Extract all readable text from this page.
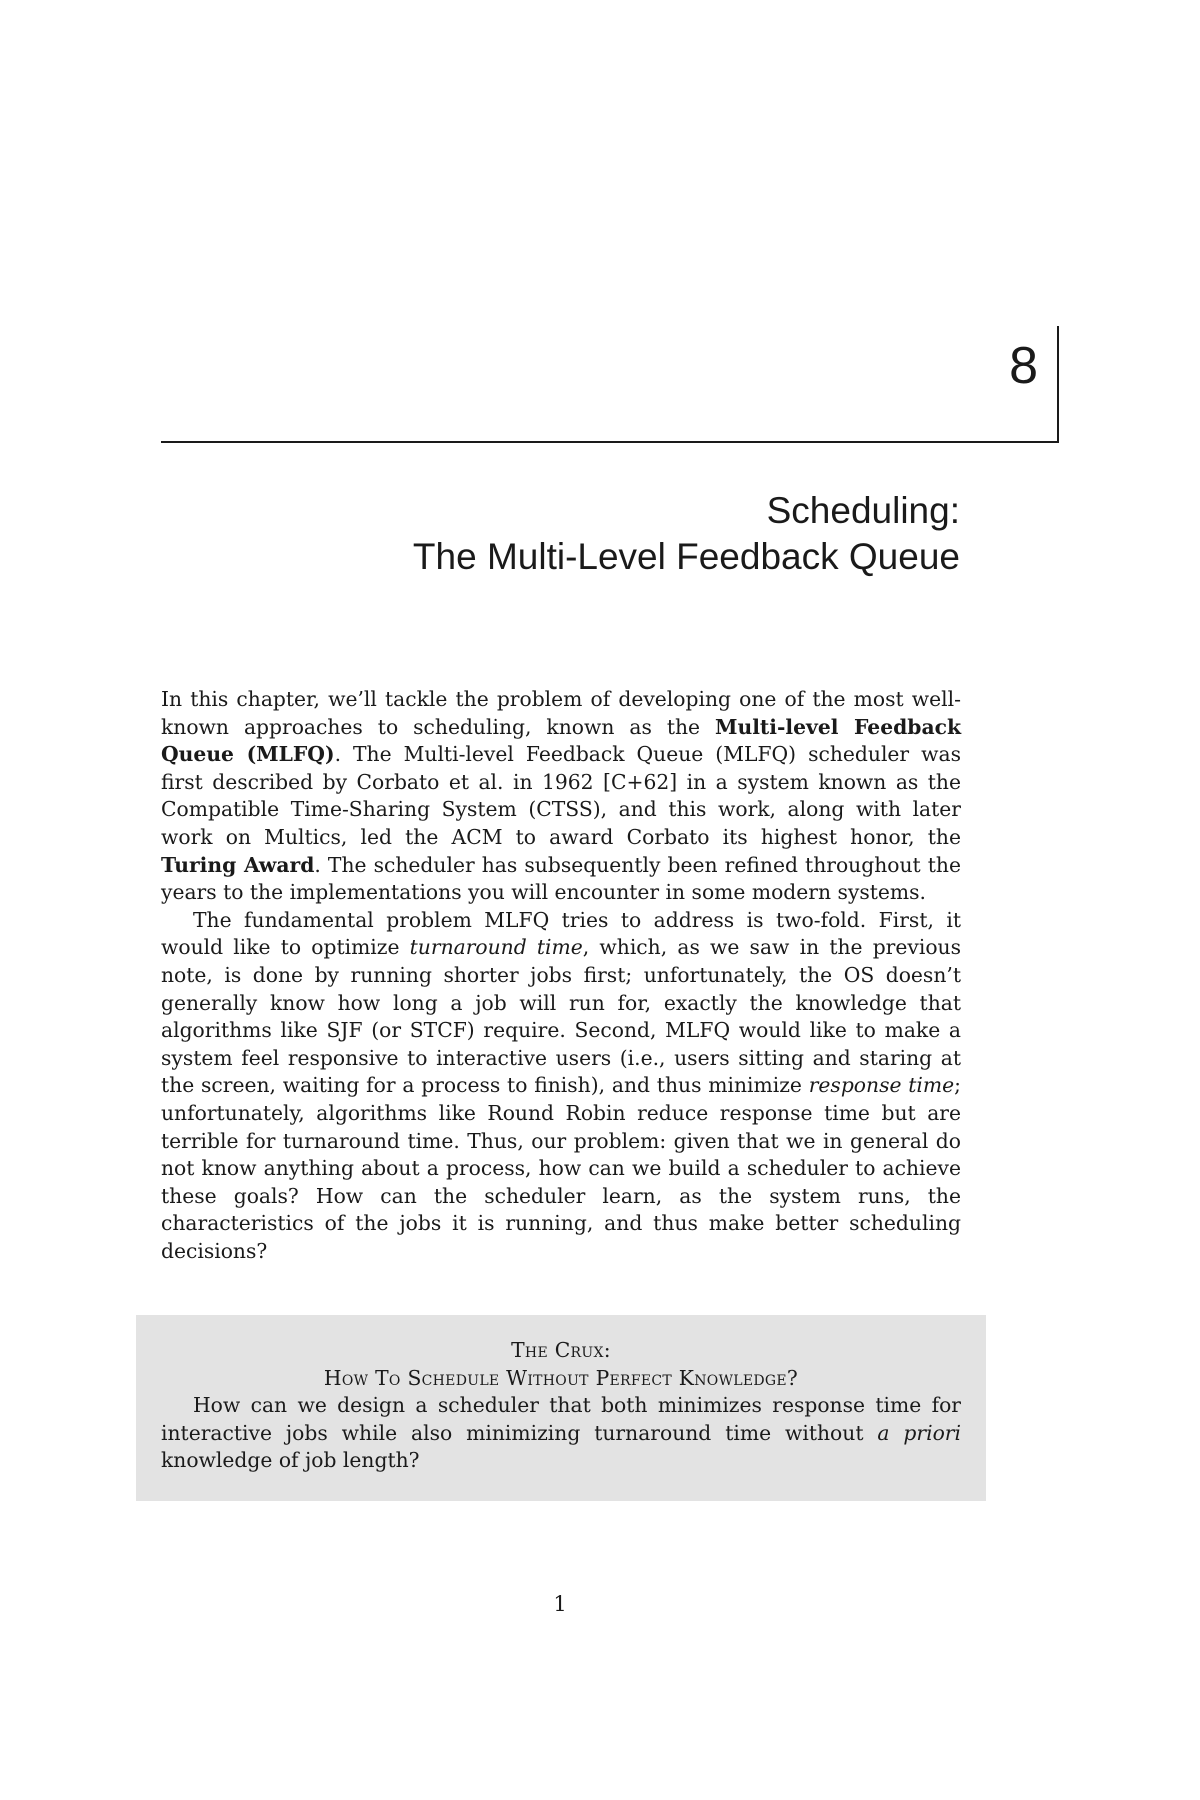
8
Scheduling:
The Multi-Level Feedback Queue

In this chapter, we’ll tackle the problem of developing one of the most well-known approaches to scheduling, known as the Multi-level Feedback Queue (MLFQ). The Multi-level Feedback Queue (MLFQ) scheduler was first described by Corbato et al. in 1962 [C+62] in a system known as the Compatible Time-Sharing System (CTSS), and this work, along with later work on Multics, led the ACM to award Corbato its highest honor, the Turing Award. The scheduler has subsequently been refined throughout the years to the implementations you will encounter in some modern systems.

The fundamental problem MLFQ tries to address is two-fold. First, it would like to optimize turnaround time, which, as we saw in the previous note, is done by running shorter jobs first; unfortunately, the OS doesn’t generally know how long a job will run for, exactly the knowledge that algorithms like SJF (or STCF) require. Second, MLFQ would like to make a system feel responsive to interactive users (i.e., users sitting and staring at the screen, waiting for a process to finish), and thus minimize response time; unfortunately, algorithms like Round Robin reduce response time but are terrible for turnaround time. Thus, our problem: given that we in general do not know anything about a process, how can we build a scheduler to achieve these goals? How can the scheduler learn, as the system runs, the characteristics of the jobs it is running, and thus make better scheduling decisions?

The Crux:
How To Schedule Without Perfect Knowledge?

How can we design a scheduler that both minimizes response time for interactive jobs while also minimizing turnaround time without a priori knowledge of job length?

1
